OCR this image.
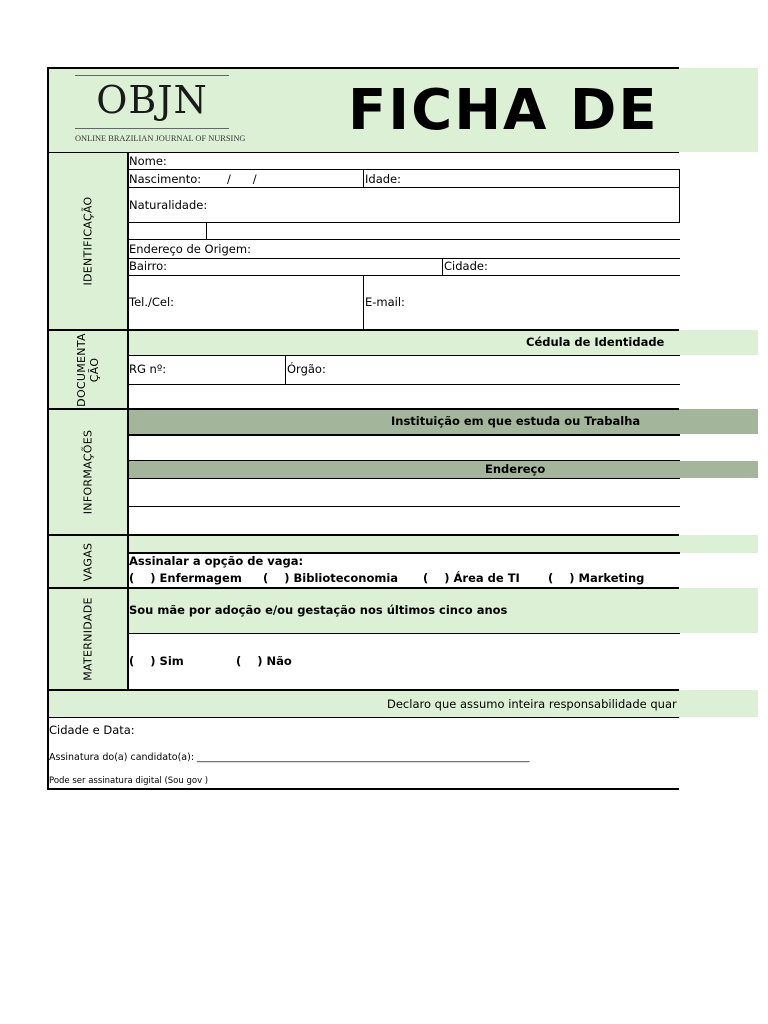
OBJN
ONLINE BRAZILIAN JOURNAL OF NURSING FICHA DE
IDENTIFICAÇÃO
DOCUMENTA
ÇÃO
INFORMAÇÕES
VAGAS
MATERNIDADE
Nome:
Nascimento: /      /	Idade:
Naturalidade:
Endereço de Origem:
Bairro:	Cidade:
Tel./Cel:	E-mail:
Cédula de Identidade
RG nº:	Órgão:
Instituição em que estuda ou Trabalha
Endereço
Assinalar a opção de vaga:
(    ) Enfermagem (    ) Biblioteconomia (    ) Área de TI (    ) Marketing
Sou mãe por adoção e/ou gestação nos últimos cinco anos
(    ) Sim	(    ) Não
Declaro que assumo inteira responsabilidade quar
Cidade e Data:
Assinatura do(a) candidato(a): ______________________________________________________________________
Pode ser assinatura digital (Sou gov )
